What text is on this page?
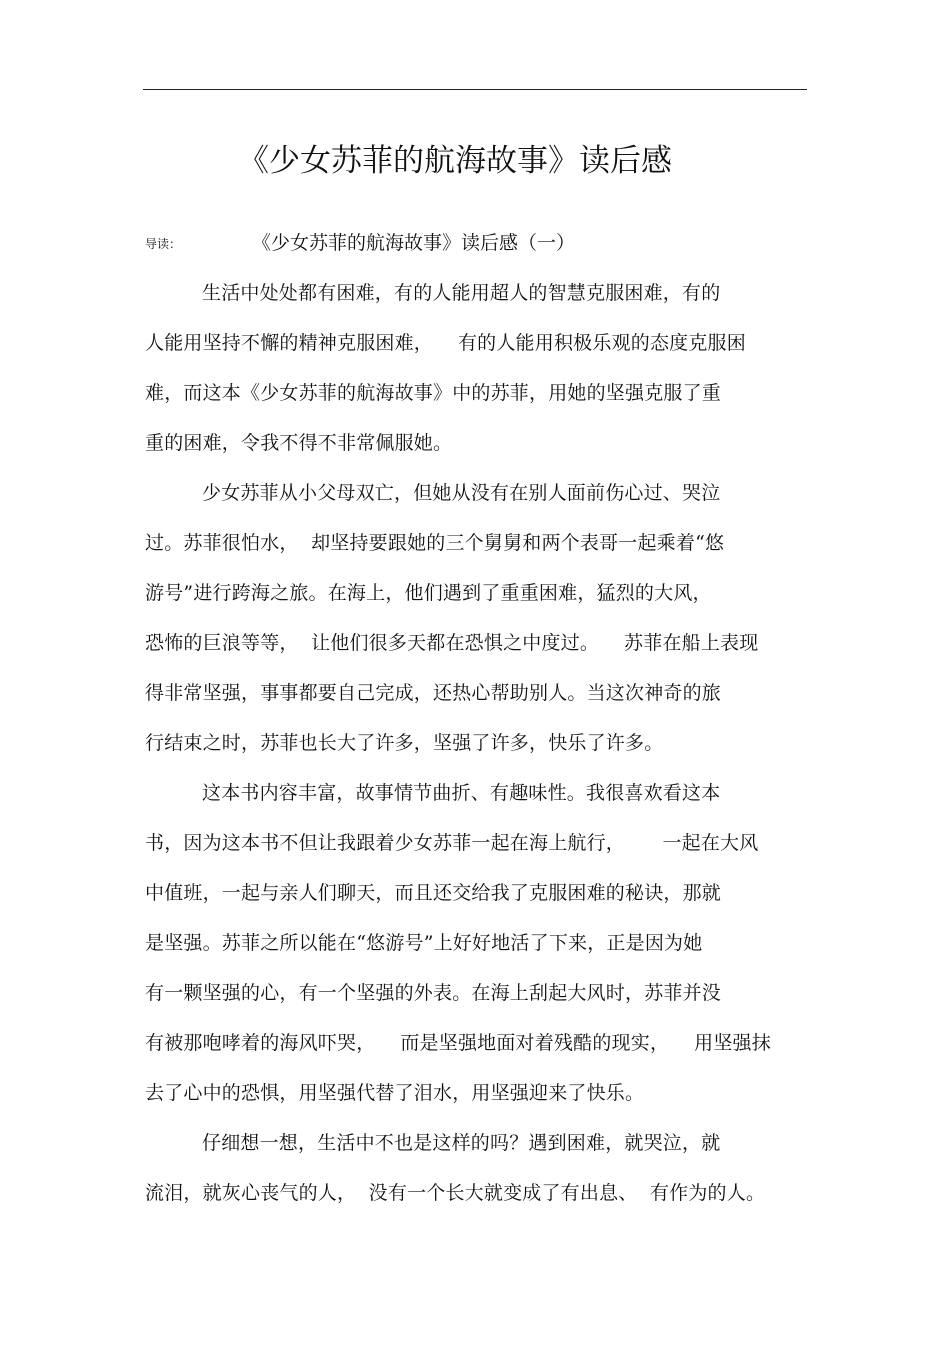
《少女苏菲的航海故事》读后感
导读：	《少女苏菲的航海故事》读后感（一）
生活中处处都有困难，有的人能用超人的智慧克服困难，有的
人能用坚持不懈的精神克服困难，    有的人能用积极乐观的态度克服困
难，而这本《少女苏菲的航海故事》中的苏菲，用她的坚强克服了重
重的困难，令我不得不非常佩服她。
少女苏菲从小父母双亡，但她从没有在别人面前伤心过、哭泣
过。苏菲很怕水，  却坚持要跟她的三个舅舅和两个表哥一起乘着“悠
游号”进行跨海之旅。在海上，他们遇到了重重困难，猛烈的大风，
恐怖的巨浪等等，  让他们很多天都在恐惧之中度过。    苏菲在船上表现
得非常坚强，事事都要自己完成，还热心帮助别人。当这次神奇的旅
行结束之时，苏菲也长大了许多，坚强了许多，快乐了许多。
这本书内容丰富，故事情节曲折、有趣味性。我很喜欢看这本
书，因为这本书不但让我跟着少女苏菲一起在海上航行，      一起在大风
中值班，一起与亲人们聊天，而且还交给我了克服困难的秘诀，那就
是坚强。苏菲之所以能在“悠游号”上好好地活了下来，正是因为她
有一颗坚强的心，有一个坚强的外表。在海上刮起大风时，苏菲并没
有被那咆哮着的海风吓哭，    而是坚强地面对着残酷的现实，    用坚强抹
去了心中的恐惧，用坚强代替了泪水，用坚强迎来了快乐。
仔细想一想，生活中不也是这样的吗？遇到困难，就哭泣，就
流泪，就灰心丧气的人，  没有一个长大就变成了有出息、  有作为的人。
